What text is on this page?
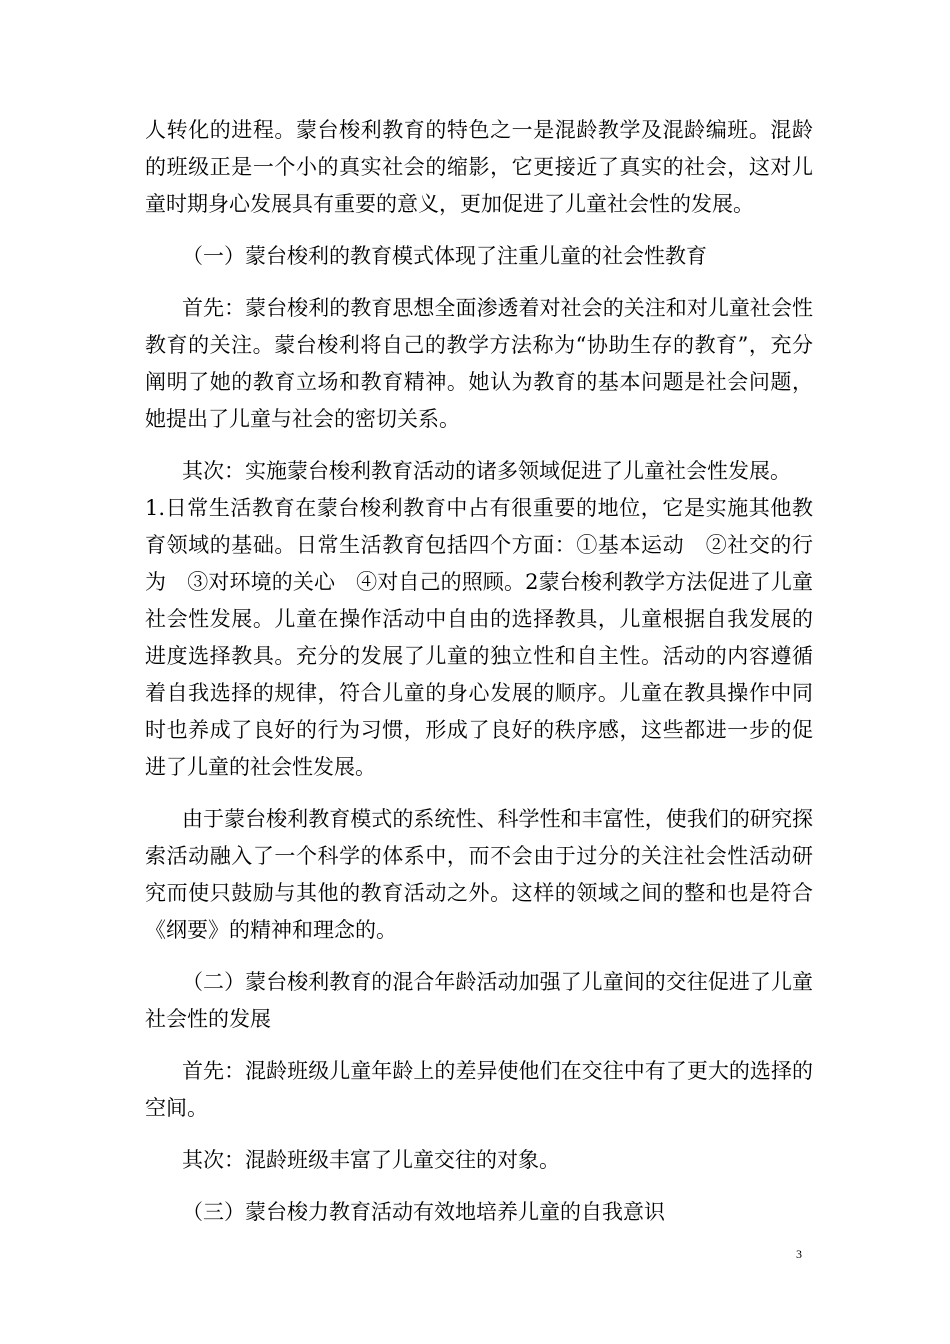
人转化的进程。蒙台梭利教育的特色之一是混龄教学及混龄编班。混龄的班级正是一个小的真实社会的缩影，它更接近了真实的社会，这对儿童时期身心发展具有重要的意义，更加促进了儿童社会性的发展。

（一）蒙台梭利的教育模式体现了注重儿童的社会性教育

首先：蒙台梭利的教育思想全面渗透着对社会的关注和对儿童社会性教育的关注。蒙台梭利将自己的教学方法称为“协助生存的教育”，充分阐明了她的教育立场和教育精神。她认为教育的基本问题是社会问题，她提出了儿童与社会的密切关系。

其次：实施蒙台梭利教育活动的诸多领域促进了儿童社会性发展。

1.日常生活教育在蒙台梭利教育中占有很重要的地位，它是实施其他教育领域的基础。日常生活教育包括四个方面：①基本运动　②社交的行为　③对环境的关心　④对自己的照顾。2蒙台梭利教学方法促进了儿童社会性发展。儿童在操作活动中自由的选择教具，儿童根据自我发展的进度选择教具。充分的发展了儿童的独立性和自主性。活动的内容遵循着自我选择的规律，符合儿童的身心发展的顺序。儿童在教具操作中同时也养成了良好的行为习惯，形成了良好的秩序感，这些都进一步的促进了儿童的社会性发展。

由于蒙台梭利教育模式的系统性、科学性和丰富性，使我们的研究探索活动融入了一个科学的体系中，而不会由于过分的关注社会性活动研究而使只鼓励与其他的教育活动之外。这样的领域之间的整和也是符合《纲要》的精神和理念的。

（二）蒙台梭利教育的混合年龄活动加强了儿童间的交往促进了儿童社会性的发展

首先：混龄班级儿童年龄上的差异使他们在交往中有了更大的选择的空间。

其次：混龄班级丰富了儿童交往的对象。

（三）蒙台梭力教育活动有效地培养儿童的自我意识

3
